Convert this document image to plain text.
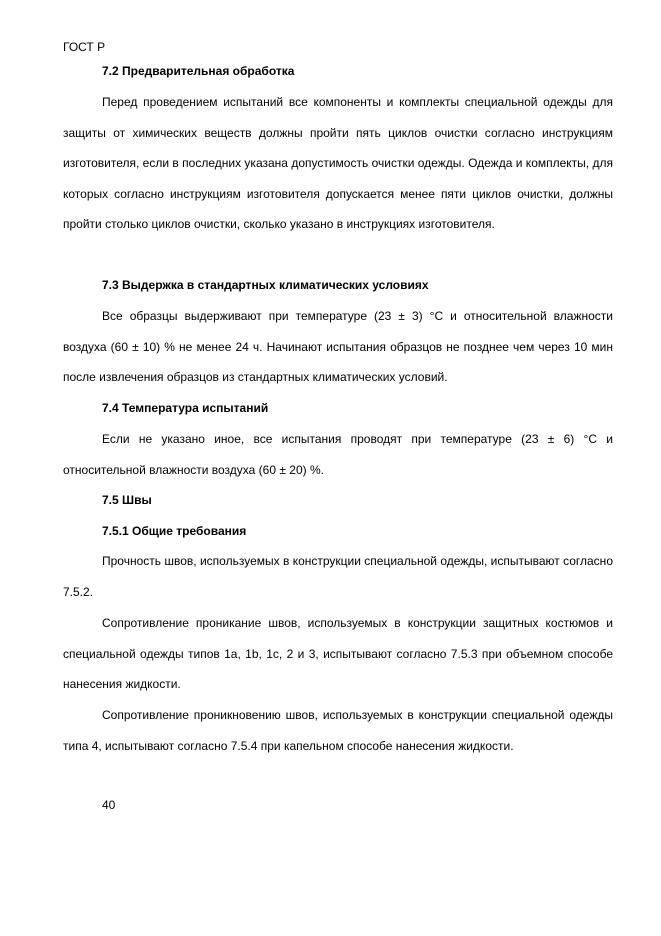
ГОСТ Р
7.2 Предварительная обработка

Перед проведением испытаний все компоненты и комплекты специальной одежды для защиты от химических веществ должны пройти пять циклов очистки согласно инструкциям изготовителя, если в последних указана допустимость очистки одежды. Одежда и комплекты, для которых согласно инструкциям изготовителя допускается менее пяти циклов очистки, должны пройти столько циклов очистки, сколько указано в инструкциях изготовителя.

7.3 Выдержка в стандартных климатических условиях

Все образцы выдерживают при температуре (23 ± 3) °С и относительной влажности воздуха (60 ± 10) % не менее 24 ч. Начинают испытания образцов не позднее чем через 10 мин после извлечения образцов из стандартных климатических условий.

7.4 Температура испытаний

Если не указано иное, все испытания проводят при температуре (23 ± 6) °С и относительной влажности воздуха (60 ± 20) %.

7.5 Швы
7.5.1 Общие требования

Прочность швов, используемых в конструкции специальной одежды, испытывают согласно 7.5.2.

Сопротивление проникание швов, используемых в конструкции защитных костюмов и специальной одежды типов 1а, 1b, 1с, 2 и 3, испытывают согласно 7.5.3 при объемном способе нанесения жидкости.

Сопротивление проникновению швов, используемых в конструкции специальной одежды типа 4, испытывают согласно 7.5.4 при капельном способе нанесения жидкости.

40
